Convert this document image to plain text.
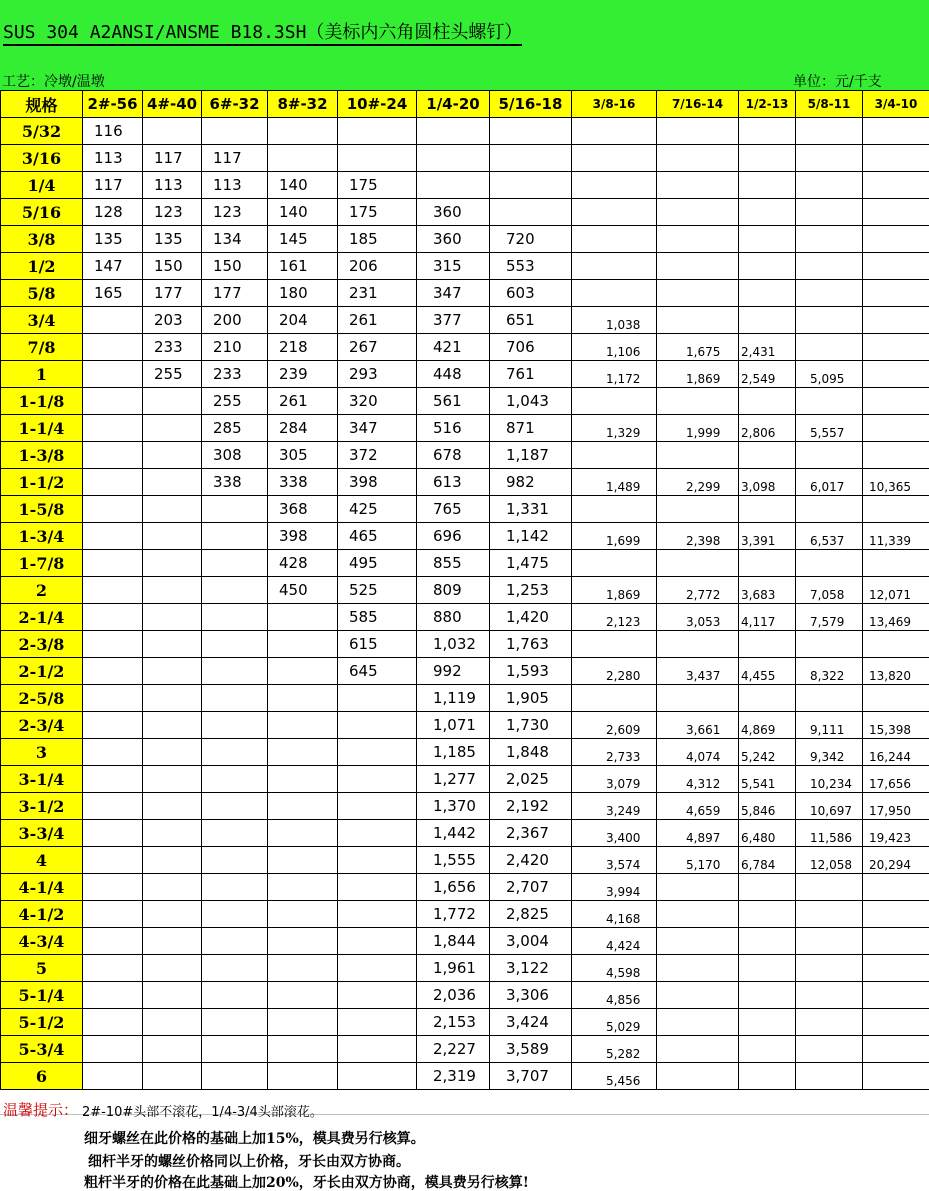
SUS 304 A2ANSI/ANSME B18.3SH（美标内六角圆柱头螺钉）
工艺：冷墩/温墩	单位：元/千支
规格	2#-56	4#-40	6#-32	8#-32	10#-24	1/4-20	5/16-18	3/8-16	7/16-14	1/2-13	5/8-11	3/4-10
5/32	116											
3/16	113	117	117									
1/4	117	113	113	140	175							
5/16	128	123	123	140	175	360						
3/8	135	135	134	145	185	360	720					
1/2	147	150	150	161	206	315	553					
5/8	165	177	177	180	231	347	603					
3/4		203	200	204	261	377	651	1,038				
7/8		233	210	218	267	421	706	1,106	1,675	2,431		
1		255	233	239	293	448	761	1,172	1,869	2,549	5,095	
1-1/8			255	261	320	561	1,043					
1-1/4			285	284	347	516	871	1,329	1,999	2,806	5,557	
1-3/8			308	305	372	678	1,187					
1-1/2			338	338	398	613	982	1,489	2,299	3,098	6,017	10,365
1-5/8				368	425	765	1,331					
1-3/4				398	465	696	1,142	1,699	2,398	3,391	6,537	11,339
1-7/8				428	495	855	1,475					
2				450	525	809	1,253	1,869	2,772	3,683	7,058	12,071
2-1/4					585	880	1,420	2,123	3,053	4,117	7,579	13,469
2-3/8					615	1,032	1,763					
2-1/2					645	992	1,593	2,280	3,437	4,455	8,322	13,820
2-5/8						1,119	1,905					
2-3/4						1,071	1,730	2,609	3,661	4,869	9,111	15,398
3						1,185	1,848	2,733	4,074	5,242	9,342	16,244
3-1/4						1,277	2,025	3,079	4,312	5,541	10,234	17,656
3-1/2						1,370	2,192	3,249	4,659	5,846	10,697	17,950
3-3/4						1,442	2,367	3,400	4,897	6,480	11,586	19,423
4						1,555	2,420	3,574	5,170	6,784	12,058	20,294
4-1/4						1,656	2,707	3,994				
4-1/2						1,772	2,825	4,168				
4-3/4						1,844	3,004	4,424				
5						1,961	3,122	4,598				
5-1/4						2,036	3,306	4,856				
5-1/2						2,153	3,424	5,029				
5-3/4						2,227	3,589	5,282				
6						2,319	3,707	5,456				
温馨提示： 2#-10#头部不滚花，1/4-3/4头部滚花。
细牙螺丝在此价格的基础上加15%，模具费另行核算。
细杆半牙的螺丝价格同以上价格，牙长由双方协商。
粗杆半牙的价格在此基础上加20%，牙长由双方协商，模具费另行核算!
